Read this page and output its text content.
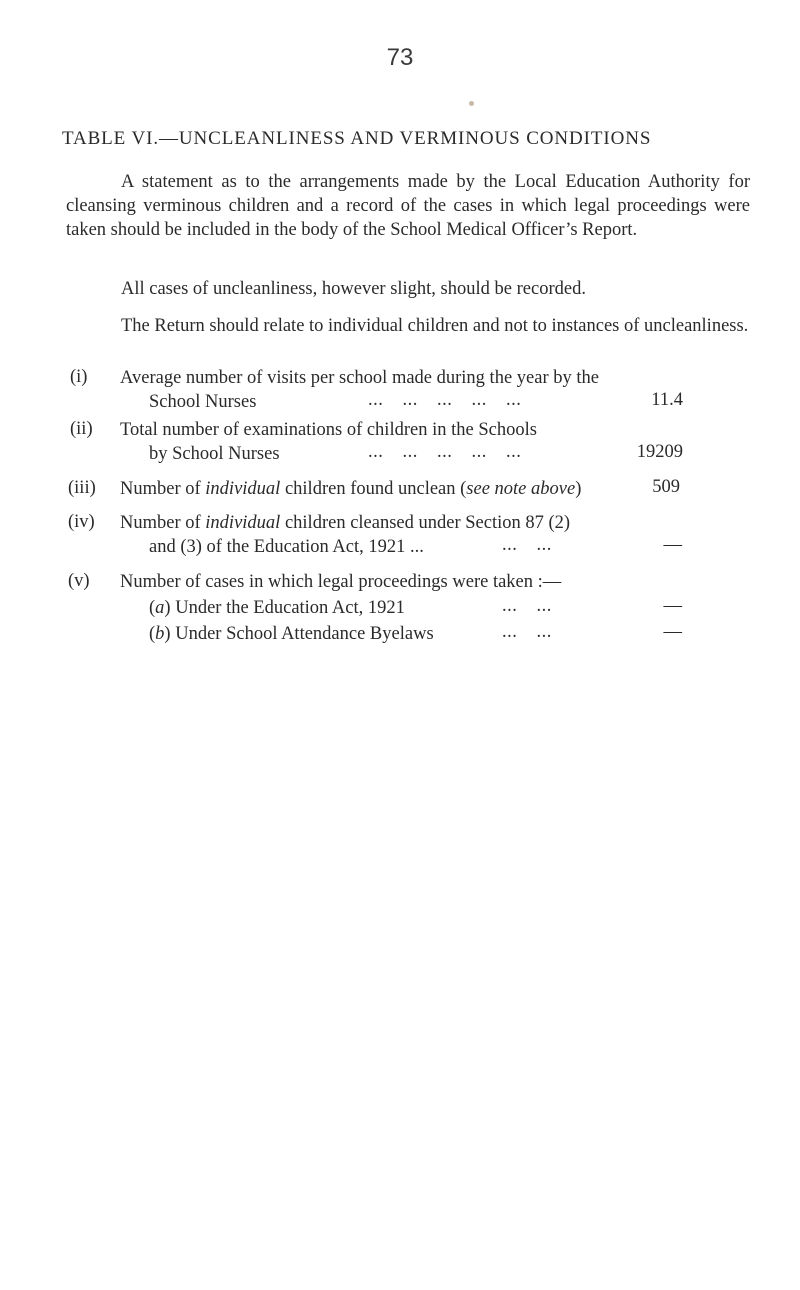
73
TABLE VI.—UNCLEANLINESS AND VERMINOUS CONDITIONS
A statement as to the arrangements made by the Local Education Authority for cleansing verminous children and a record of the cases in which legal proceedings were taken should be included in the body of the School Medical Officer’s Report.
All cases of uncleanliness, however slight, should be recorded.
The Return should relate to individual children and not to instances of uncleanliness.
(i) Average number of visits per school made during the year by the
School Nurses	... ... ... ... ...	11.4
(ii) Total number of examinations of children in the Schools
by School Nurses	... ... ... ... ...	19209
(iii) Number of individual children found unclean (see note above)	509
(iv) Number of individual children cleansed under Section 87 (2)
and (3) of the Education Act, 1921 ...	... ...	—
(v) Number of cases in which legal proceedings were taken :—
(a) Under the Education Act, 1921	... ...	—
(b) Under School Attendance Byelaws	... ...	—
